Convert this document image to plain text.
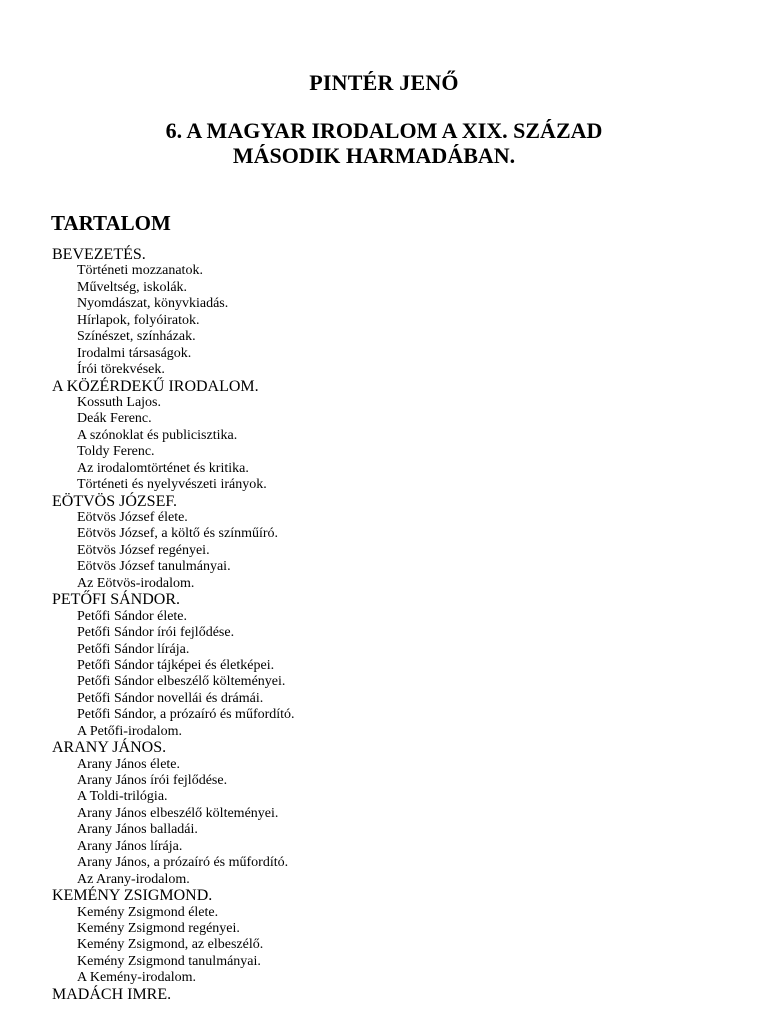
PINTÉR JENŐ
6. A MAGYAR IRODALOM A XIX. SZÁZAD
MÁSODIK HARMADÁBAN.
TARTALOM
BEVEZETÉS.
Történeti mozzanatok.
Műveltség, iskolák.
Nyomdászat, könyvkiadás.
Hírlapok, folyóiratok.
Színészet, színházak.
Irodalmi társaságok.
Írói törekvések.
A KÖZÉRDEKŰ IRODALOM.
Kossuth Lajos.
Deák Ferenc.
A szónoklat és publicisztika.
Toldy Ferenc.
Az irodalomtörténet és kritika.
Történeti és nyelyvészeti irányok.
EÖTVÖS JÓZSEF.
Eötvös József élete.
Eötvös József, a költő és színműíró.
Eötvös József regényei.
Eötvös József tanulmányai.
Az Eötvös-irodalom.
PETŐFI SÁNDOR.
Petőfi Sándor élete.
Petőfi Sándor írói fejlődése.
Petőfi Sándor lírája.
Petőfi Sándor tájképei és életképei.
Petőfi Sándor elbeszélő költeményei.
Petőfi Sándor novellái és drámái.
Petőfi Sándor, a prózaíró és műfordító.
A Petőfi-irodalom.
ARANY JÁNOS.
Arany János élete.
Arany János írói fejlődése.
A Toldi-trilógia.
Arany János elbeszélő költeményei.
Arany János balladái.
Arany János lírája.
Arany János, a prózaíró és műfordító.
Az Arany-irodalom.
KEMÉNY ZSIGMOND.
Kemény Zsigmond élete.
Kemény Zsigmond regényei.
Kemény Zsigmond, az elbeszélő.
Kemény Zsigmond tanulmányai.
A Kemény-irodalom.
MADÁCH IMRE.
